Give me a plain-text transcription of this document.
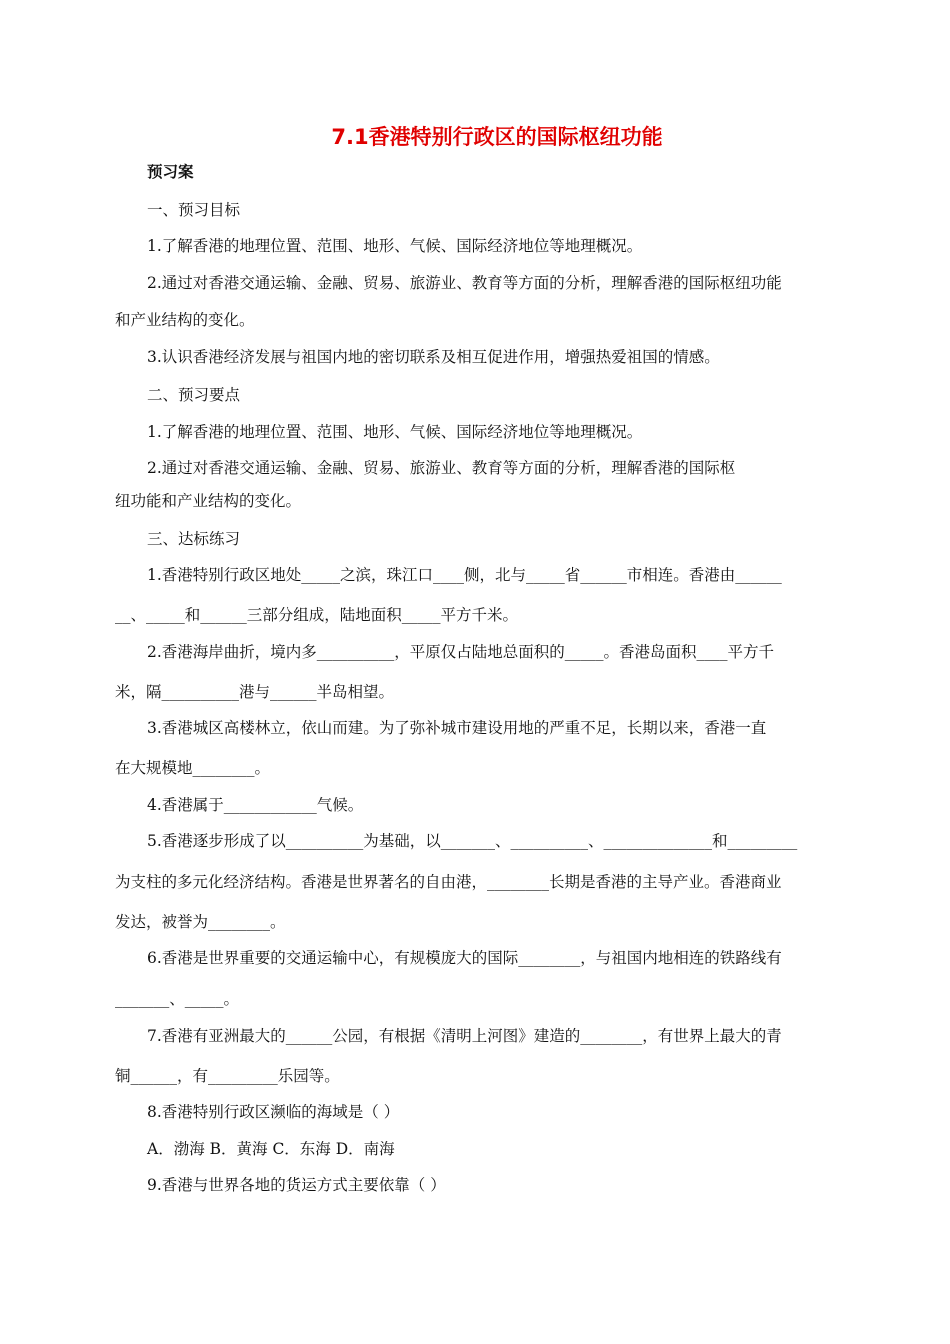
7.1香港特别行政区的国际枢纽功能
预习案
一、预习目标
1.了解香港的地理位置、范围、地形、气候、国际经济地位等地理概况。
2.通过对香港交通运输、金融、贸易、旅游业、教育等方面的分析，理解香港的国际枢纽功能
和产业结构的变化。
3.认识香港经济发展与祖国内地的密切联系及相互促进作用，增强热爱祖国的情感。
二、预习要点
1.了解香港的地理位置、范围、地形、气候、国际经济地位等地理概况。
2.通过对香港交通运输、金融、贸易、旅游业、教育等方面的分析，理解香港的国际枢
纽功能和产业结构的变化。
三、达标练习
1.香港特别行政区地处_____之滨，珠江口____侧，北与_____省______市相连。香港由______
__、_____和______三部分组成，陆地面积_____平方千米。
2.香港海岸曲折，境内多__________，平原仅占陆地总面积的_____。香港岛面积____平方千
米，隔__________港与______半岛相望。
3.香港城区高楼林立，依山而建。为了弥补城市建设用地的严重不足，长期以来，香港一直
在大规模地________。
4.香港属于____________气候。
5.香港逐步形成了以__________为基础，以_______、__________、______________和_________
为支柱的多元化经济结构。香港是世界著名的自由港，________长期是香港的主导产业。香港商业
发达，被誉为________。
6.香港是世界重要的交通运输中心，有规模庞大的国际________，与祖国内地相连的铁路线有
_______、_____。
7.香港有亚洲最大的______公园，有根据《清明上河图》建造的________，有世界上最大的青
铜______，有_________乐园等。
8.香港特别行政区濒临的海域是（ ）
A．渤海 B．黄海 C．东海 D．南海
9.香港与世界各地的货运方式主要依靠（ ）
